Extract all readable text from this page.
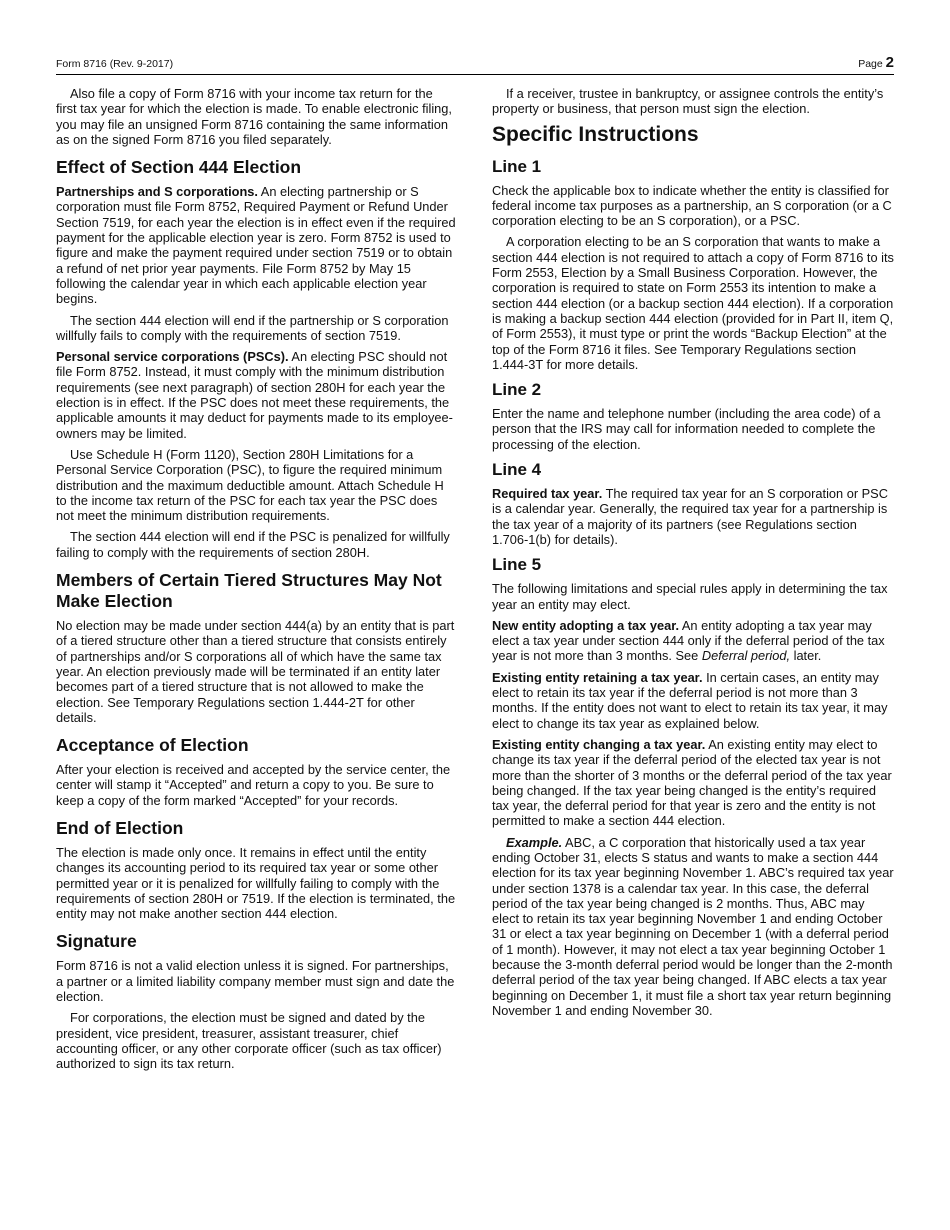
Form 8716 (Rev. 9-2017)	Page 2

Also file a copy of Form 8716 with your income tax return for the first tax year for which the election is made. To enable electronic filing, you may file an unsigned Form 8716 containing the same information as on the signed Form 8716 you filed separately.

Effect of Section 444 Election

Partnerships and S corporations. An electing partnership or S corporation must file Form 8752, Required Payment or Refund Under Section 7519, for each year the election is in effect even if the required payment for the applicable election year is zero. Form 8752 is used to figure and make the payment required under section 7519 or to obtain a refund of net prior year payments. File Form 8752 by May 15 following the calendar year in which each applicable election year begins.

The section 444 election will end if the partnership or S corporation willfully fails to comply with the requirements of section 7519.

Personal service corporations (PSCs). An electing PSC should not file Form 8752. Instead, it must comply with the minimum distribution requirements (see next paragraph) of section 280H for each year the election is in effect. If the PSC does not meet these requirements, the applicable amounts it may deduct for payments made to its employee-owners may be limited.

Use Schedule H (Form 1120), Section 280H Limitations for a Personal Service Corporation (PSC), to figure the required minimum distribution and the maximum deductible amount. Attach Schedule H to the income tax return of the PSC for each tax year the PSC does not meet the minimum distribution requirements.

The section 444 election will end if the PSC is penalized for willfully failing to comply with the requirements of section 280H.

Members of Certain Tiered Structures May Not Make Election

No election may be made under section 444(a) by an entity that is part of a tiered structure other than a tiered structure that consists entirely of partnerships and/or S corporations all of which have the same tax year. An election previously made will be terminated if an entity later becomes part of a tiered structure that is not allowed to make the election. See Temporary Regulations section 1.444-2T for other details.

Acceptance of Election

After your election is received and accepted by the service center, the center will stamp it “Accepted” and return a copy to you. Be sure to keep a copy of the form marked “Accepted” for your records.

End of Election

The election is made only once. It remains in effect until the entity changes its accounting period to its required tax year or some other permitted year or it is penalized for willfully failing to comply with the requirements of section 280H or 7519. If the election is terminated, the entity may not make another section 444 election.

Signature

Form 8716 is not a valid election unless it is signed. For partnerships, a partner or a limited liability company member must sign and date the election.

For corporations, the election must be signed and dated by the president, vice president, treasurer, assistant treasurer, chief accounting officer, or any other corporate officer (such as tax officer) authorized to sign its tax return.

If a receiver, trustee in bankruptcy, or assignee controls the entity’s property or business, that person must sign the election.

Specific Instructions
Line 1

Check the applicable box to indicate whether the entity is classified for federal income tax purposes as a partnership, an S corporation (or a C corporation electing to be an S corporation), or a PSC.

A corporation electing to be an S corporation that wants to make a section 444 election is not required to attach a copy of Form 8716 to its Form 2553, Election by a Small Business Corporation. However, the corporation is required to state on Form 2553 its intention to make a section 444 election (or a backup section 444 election). If a corporation is making a backup section 444 election (provided for in Part II, item Q, of Form 2553), it must type or print the words “Backup Election” at the top of the Form 8716 it files. See Temporary Regulations section 1.444-3T for more details.

Line 2

Enter the name and telephone number (including the area code) of a person that the IRS may call for information needed to complete the processing of the election.

Line 4

Required tax year. The required tax year for an S corporation or PSC is a calendar year. Generally, the required tax year for a partnership is the tax year of a majority of its partners (see Regulations section 1.706-1(b) for details).

Line 5

The following limitations and special rules apply in determining the tax year an entity may elect.

New entity adopting a tax year. An entity adopting a tax year may elect a tax year under section 444 only if the deferral period of the tax year is not more than 3 months. See Deferral period, later.

Existing entity retaining a tax year. In certain cases, an entity may elect to retain its tax year if the deferral period is not more than 3 months. If the entity does not want to elect to retain its tax year, it may elect to change its tax year as explained below.

Existing entity changing a tax year. An existing entity may elect to change its tax year if the deferral period of the elected tax year is not more than the shorter of 3 months or the deferral period of the tax year being changed. If the tax year being changed is the entity’s required tax year, the deferral period for that year is zero and the entity is not permitted to make a section 444 election.

Example. ABC, a C corporation that historically used a tax year ending October 31, elects S status and wants to make a section 444 election for its tax year beginning November 1. ABC’s required tax year under section 1378 is a calendar tax year. In this case, the deferral period of the tax year being changed is 2 months. Thus, ABC may elect to retain its tax year beginning November 1 and ending October 31 or elect a tax year beginning on December 1 (with a deferral period of 1 month). However, it may not elect a tax year beginning October 1 because the 3-month deferral period would be longer than the 2-month deferral period of the tax year being changed. If ABC elects a tax year beginning on December 1, it must file a short tax year return beginning November 1 and ending November 30.
